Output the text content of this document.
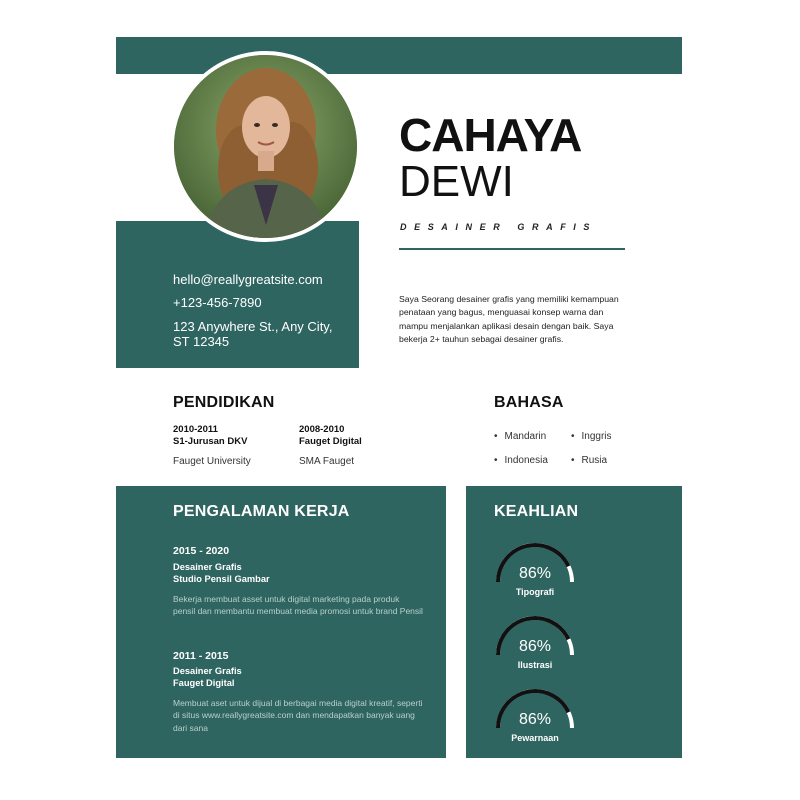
hello@reallygreatsite.com
+123-456-7890
123 Anywhere St., Any City,
ST 12345
CAHAYA
DEWI
DESAINER GRAFIS
Saya Seorang desainer grafis yang memiliki kemampuan penataan yang bagus, menguasai konsep warna dan mampu menjalankan aplikasi desain dengan baik. Saya bekerja 2+ tauhun sebagai desainer grafis.
PENDIDIKAN
2010-2011
S1-Jurusan DKV
Fauget University
2008-2010
Fauget Digital
SMA Fauget
BAHASA
• Mandarin	• Inggris
• Indonesia	• Rusia
PENGALAMAN KERJA
2015 - 2020
Desainer Grafis
Studio Pensil Gambar
Bekerja membuat asset untuk digital marketing pada produk pensil dan membantu membuat media promosi untuk brand Pensil
2011 - 2015
Desainer Grafis
Fauget Digital
Membuat aset untuk dijual di berbagai media digital kreatif, seperti di situs www.reallygreatsite.com dan mendapatkan banyak uang dari sana
KEAHLIAN
86%
Tipografi
86%
Ilustrasi
86%
Pewarnaan
